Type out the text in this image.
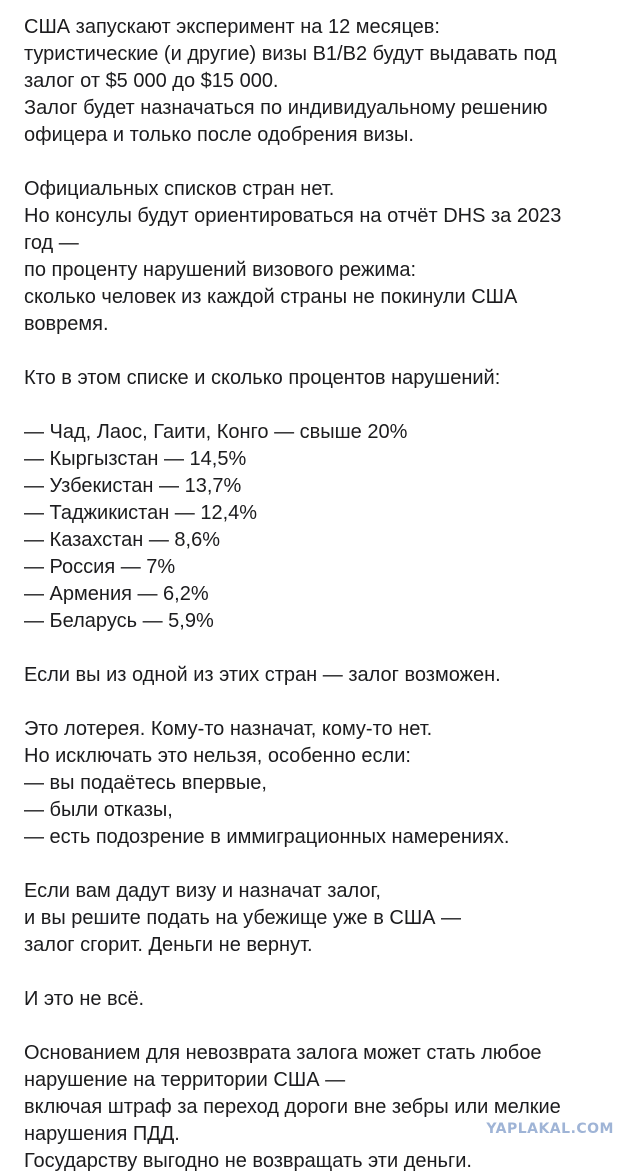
США запускают эксперимент на 12 месяцев:
туристические (и другие) визы B1/B2 будут выдавать под
залог от $5 000 до $15 000.
Залог будет назначаться по индивидуальному решению
офицера и только после одобрения визы.
Официальных списков стран нет.
Но консулы будут ориентироваться на отчёт DHS за 2023
год —
по проценту нарушений визового режима:
сколько человек из каждой страны не покинули США
вовремя.
Кто в этом списке и сколько процентов нарушений:
— Чад, Лаос, Гаити, Конго — свыше 20%
— Кыргызстан — 14,5%
— Узбекистан — 13,7%
— Таджикистан — 12,4%
— Казахстан — 8,6%
— Россия — 7%
— Армения — 6,2%
— Беларусь — 5,9%
Если вы из одной из этих стран — залог возможен.
Это лотерея. Кому-то назначат, кому-то нет.
Но исключать это нельзя, особенно если:
— вы подаётесь впервые,
— были отказы,
— есть подозрение в иммиграционных намерениях.
Если вам дадут визу и назначат залог,
и вы решите подать на убежище уже в США —
залог сгорит. Деньги не вернут.
И это не всё.
Основанием для невозврата залога может стать любое
нарушение на территории США —
включая штраф за переход дороги вне зебры или мелкие
нарушения ПДД.
Государству выгодно не возвращать эти деньги.
YAPLAKAL.COM
